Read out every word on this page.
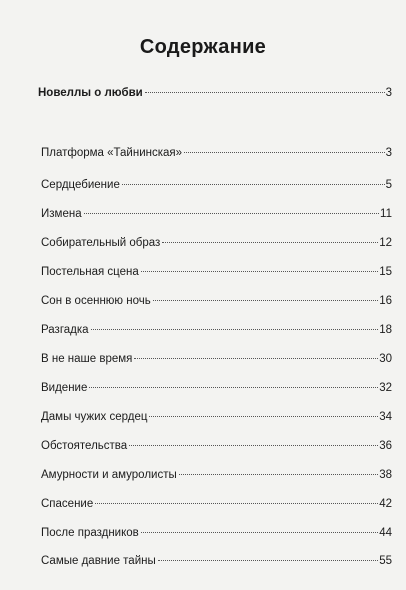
Содержание
Новеллы о любви	3
Платформа «Тайнинская»	3
Сердцебиение	5
Измена	11
Собирательный образ	12
Постельная сцена	15
Сон в осеннюю ночь	16
Разгадка	18
В не наше время	30
Видение	32
Дамы чужих сердец	34
Обстоятельства	36
Амурности и амуролисты	38
Спасение	42
После праздников	44
Самые давние тайны	55
